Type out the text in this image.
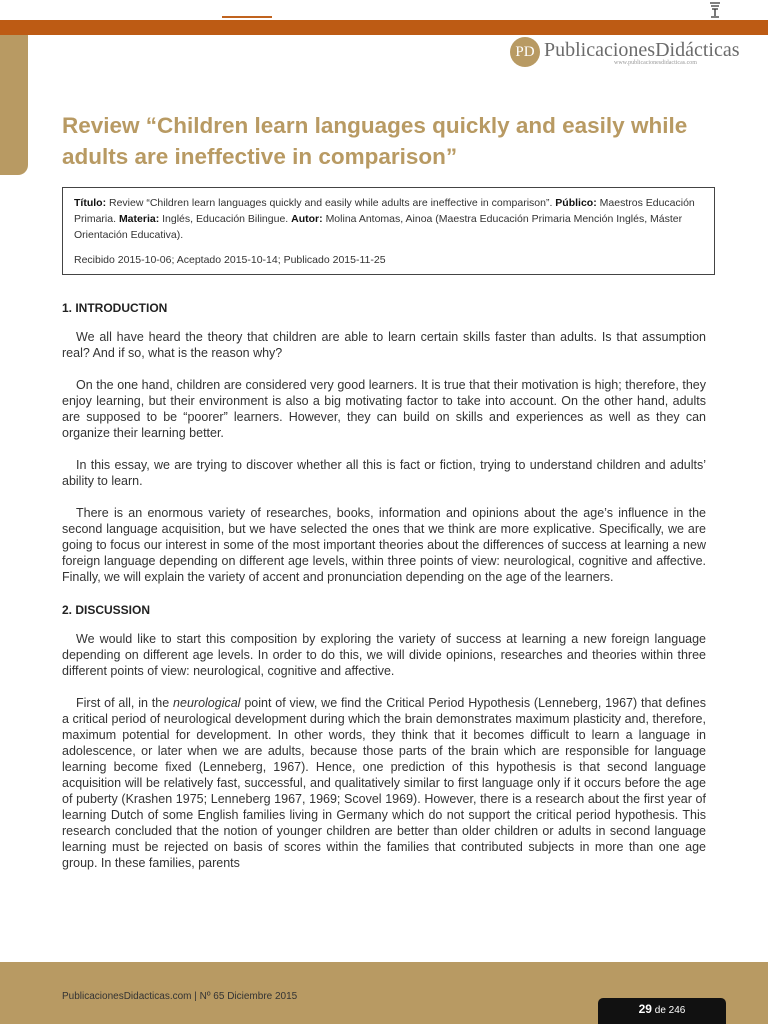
PD PublicacionesDidácticas
www.publicacionesdidacticas.com
Review “Children learn languages quickly and easily while adults are ineffective in comparison”
Título: Review “Children learn languages quickly and easily while adults are ineffective in comparison”. Público: Maestros Educación Primaria. Materia: Inglés, Educación Bilingue. Autor: Molina Antomas, Ainoa (Maestra Educación Primaria Mención Inglés, Máster Orientación Educativa).
Recibido 2015-10-06; Aceptado 2015-10-14; Publicado 2015-11-25
1. INTRODUCTION

We all have heard the theory that children are able to learn certain skills faster than adults. Is that assumption real? And if so, what is the reason why?

On the one hand, children are considered very good learners. It is true that their motivation is high; therefore, they enjoy learning, but their environment is also a big motivating factor to take into account. On the other hand, adults are supposed to be “poorer” learners. However, they can build on skills and experiences as well as they can organize their learning better.

In this essay, we are trying to discover whether all this is fact or fiction, trying to understand children and adults’ ability to learn.

There is an enormous variety of researches, books, information and opinions about the age’s influence in the second language acquisition, but we have selected the ones that we think are more explicative. Specifically, we are going to focus our interest in some of the most important theories about the differences of success at learning a new foreign language depending on different age levels, within three points of view: neurological, cognitive and affective. Finally, we will explain the variety of accent and pronunciation depending on the age of the learners.

2. DISCUSSION

We would like to start this composition by exploring the variety of success at learning a new foreign language depending on different age levels. In order to do this, we will divide opinions, researches and theories within three different points of view: neurological, cognitive and affective.

First of all, in the neurological point of view, we find the Critical Period Hypothesis (Lenneberg, 1967) that defines a critical period of neurological development during which the brain demonstrates maximum plasticity and, therefore, maximum potential for development. In other words, they think that it becomes difficult to learn a language in adolescence, or later when we are adults, because those parts of the brain which are responsible for language learning become fixed (Lenneberg, 1967). Hence, one prediction of this hypothesis is that second language acquisition will be relatively fast, successful, and qualitatively similar to first language only if it occurs before the age of puberty (Krashen 1975; Lenneberg 1967, 1969; Scovel 1969). However, there is a research about the first year of learning Dutch of some English families living in Germany which do not support the critical period hypothesis. This research concluded that the notion of younger children are better than older children or adults in second language learning must be rejected on basis of scores within the families that contributed subjects in more than one age group. In these families, parents

PublicacionesDidacticas.com | Nº 65 Diciembre 2015
29 de 246
